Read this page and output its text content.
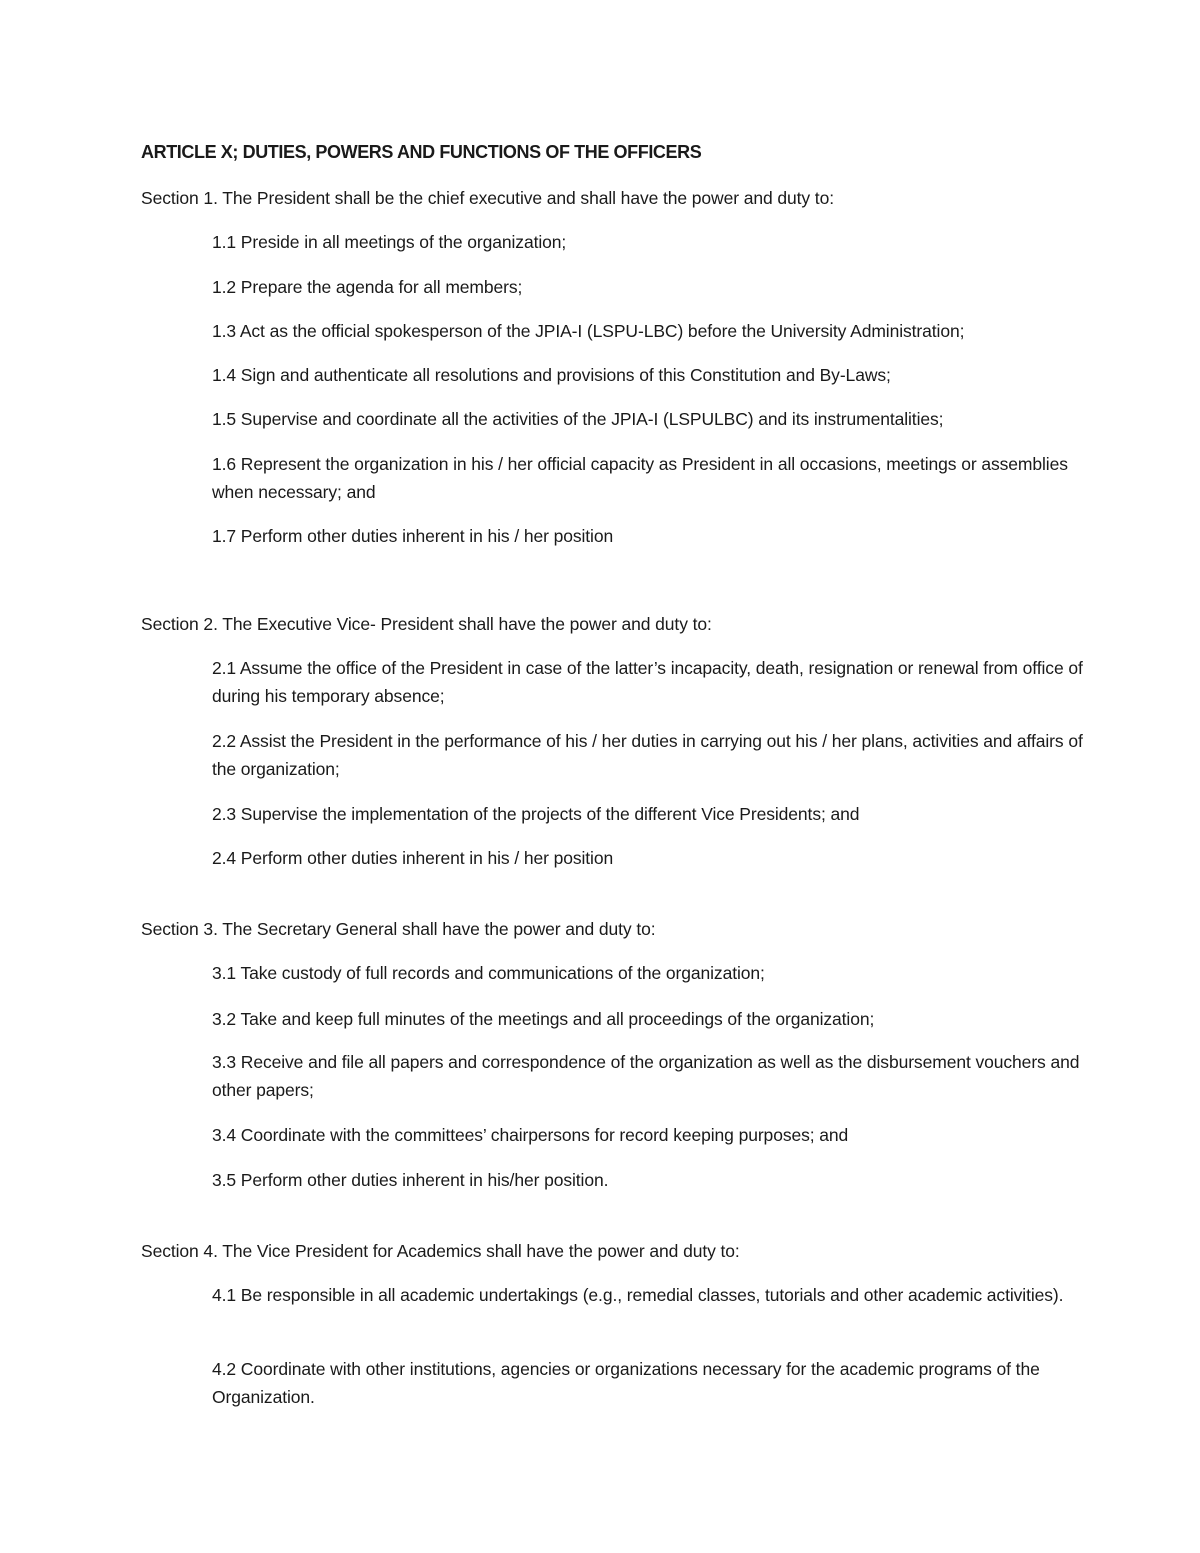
ARTICLE X; DUTIES, POWERS AND FUNCTIONS OF THE OFFICERS
Section 1. The President shall be the chief executive and shall have the power and duty to:
1.1 Preside in all meetings of the organization;
1.2 Prepare the agenda for all members;
1.3 Act as the official spokesperson of the JPIA-I (LSPU-LBC) before the University Administration;
1.4 Sign and authenticate all resolutions and provisions of this Constitution and By-Laws;
1.5 Supervise and coordinate all the activities of the JPIA-I (LSPULBC) and its instrumentalities;
1.6 Represent the organization in his / her official capacity as President in all occasions, meetings or assemblies when necessary; and
1.7 Perform other duties inherent in his / her position
Section 2. The Executive Vice- President shall have the power and duty to:
2.1 Assume the office of the President in case of the latter’s incapacity, death, resignation or renewal from office of during his temporary absence;
2.2 Assist the President in the performance of his / her duties in carrying out his / her plans, activities and affairs of the organization;
2.3 Supervise the implementation of the projects of the different Vice Presidents; and
2.4 Perform other duties inherent in his / her position
Section 3. The Secretary General shall have the power and duty to:
3.1 Take custody of full records and communications of the organization;
3.2 Take and keep full minutes of the meetings and all proceedings of the organization;
3.3 Receive and file all papers and correspondence of the organization as well as the disbursement vouchers and other papers;
3.4 Coordinate with the committees’ chairpersons for record keeping purposes; and
3.5 Perform other duties inherent in his/her position.
Section 4. The Vice President for Academics shall have the power and duty to:
4.1 Be responsible in all academic undertakings (e.g., remedial classes, tutorials and other academic activities).
4.2 Coordinate with other institutions, agencies or organizations necessary for the academic programs of the Organization.
